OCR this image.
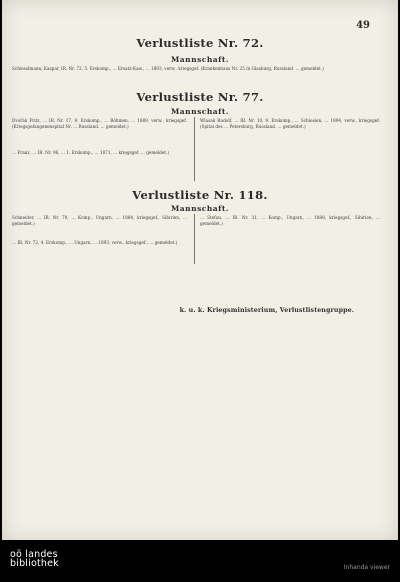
49
Verlustliste Nr. 72.
Mannschaft.
Schiesslmann, Kaspar, IR. Nr. 72, 5. Erskomp., ... Ersatz-Kaw., ... 1893, verw., kriegsgef. (Krankenhaus Nr. 25 in Glasburg, Russland. ... gemeldet.)
Verlustliste Nr. 77.
Mannschaft.
Dvořák Fritz, ... IR. Nr. 17, 9. Erskomp., ... Böhmen, ... 1889, verw., kriegsgef. (Kriegsgefangenenspital Nr. ... Russland. ... gemeldet.)
... Franz, ... IR. Nr. 96, ... 1. Erskomp., ... 1871, ... kriegsgef. ... gemeldet.)
Wlasak Rudolf, ... IR. Nr. 10, 9. Erskomp., ... Schlesien, ... 1894, verw., kriegsgef. (Spital des ... Petersburg, Russland. ... gemeldet.)
Verlustliste Nr. 118.
Mannschaft.
Schneider, ... IR. Nr. 79, ... Komp., Ungarn, ... 1884, kriegsgef., Sibirien, ... gemeldet.)
... IR. Nr. 72, 4. Erskomp., ... Ungarn, ... 1893, verw., kriegsgef., ... gemeldet.)
... Stefan, ... IR. Nr. 31, ... Komp., Ungarn, ... 1888, kriegsgef., Sibirien, ... gemeldet.)
k. u. k. Kriegsministerium, Verlustlistengruppe.
oö landes
bibliothek	Inhanda viewer
